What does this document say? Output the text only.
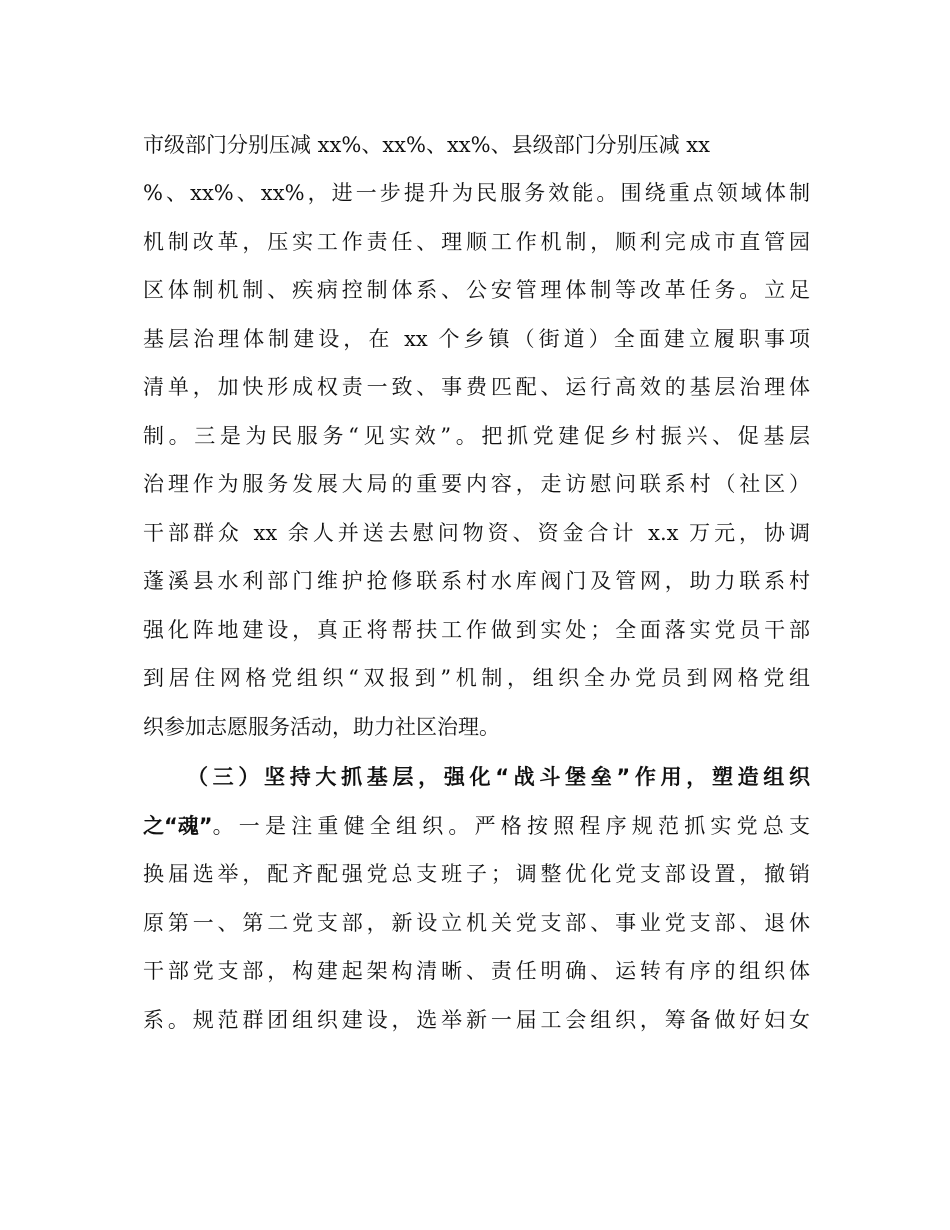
市级部门分别压减 xx%、xx%、xx%、县级部门分别压减 xx
%、xx%、xx%，进一步提升为民服务效能。围绕重点领域体制
机制改革，压实工作责任、理顺工作机制，顺利完成市直管园
区体制机制、疾病控制体系、公安管理体制等改革任务。立足
基层治理体制建设，在 xx 个乡镇（街道）全面建立履职事项
清单，加快形成权责一致、事费匹配、运行高效的基层治理体
制。三是为民服务“见实效”。把抓党建促乡村振兴、促基层
治理作为服务发展大局的重要内容，走访慰问联系村（社区）
干部群众 xx 余人并送去慰问物资、资金合计 x.x 万元，协调
蓬溪县水利部门维护抢修联系村水库阀门及管网，助力联系村
强化阵地建设，真正将帮扶工作做到实处；全面落实党员干部
到居住网格党组织“双报到”机制，组织全办党员到网格党组
织参加志愿服务活动，助力社区治理。
（三）坚持大抓基层，强化“战斗堡垒”作用，塑造组织
之“魂” 。一是注重健全组织。严格按照程序规范抓实党总支
换届选举，配齐配强党总支班子；调整优化党支部设置，撤销
原第一、第二党支部，新设立机关党支部、事业党支部、退休
干部党支部，构建起架构清晰、责任明确、运转有序的组织体
系。规范群团组织建设，选举新一届工会组织，筹备做好妇女
